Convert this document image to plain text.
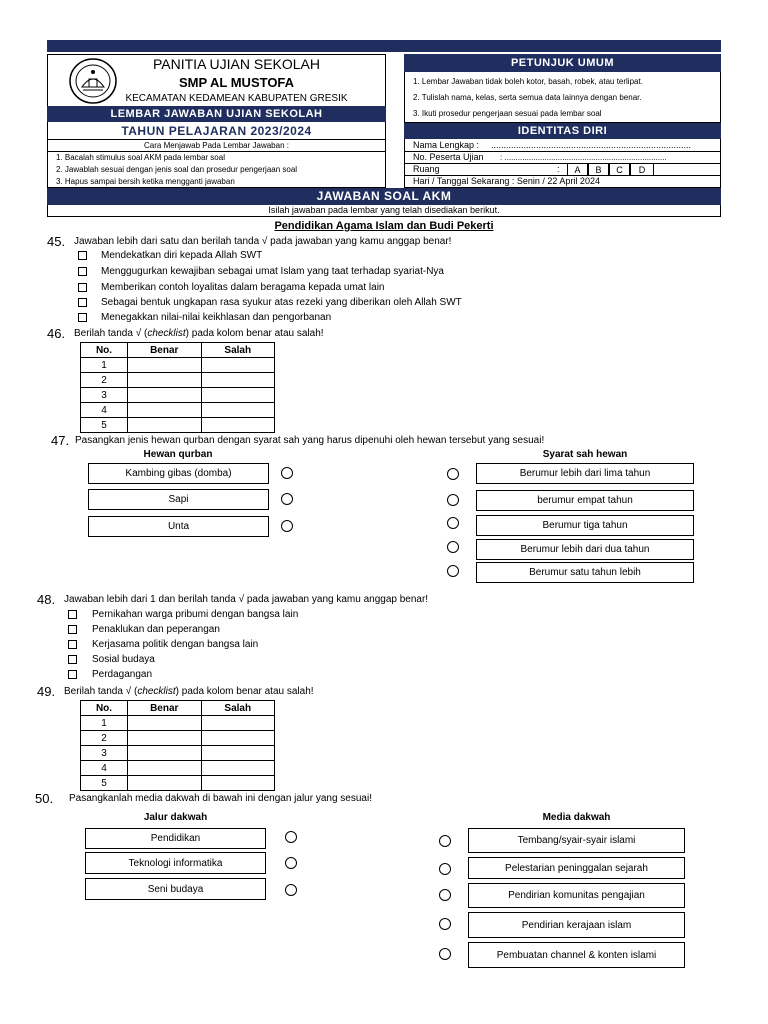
PANITIA UJIAN SEKOLAH
SMP AL MUSTOFA
KECAMATAN KEDAMEAN KABUPATEN GRESIK
LEMBAR JAWABAN UJIAN SEKOLAH
TAHUN PELAJARAN 2023/2024
Cara Menjawab Pada Lembar Jawaban :
1. Bacalah stimulus soal AKM pada lembar soal
2. Jawablah sesuai dengan jenis soal dan prosedur pengerjaan soal
3. Hapus sampai bersih ketika mengganti jawaban
PETUNJUK UMUM
1. Lembar Jawaban tidak boleh kotor, basah, robek, atau terlipat.
2. Tulislah nama, kelas, serta semua data lainnya dengan benar.
3. Ikuti prosedur pengerjaan sesuai pada lembar soal
IDENTITAS DIRI
Nama Lengkap : ................................................................................
No. Peserta Ujian : .........................................................................
Ruang	:	A	B	C	D
Hari / Tanggal Sekarang : Senin / 22 April 2024
JAWABAN SOAL AKM
Isilah jawaban pada lembar yang telah disediakan berikut.
Pendidikan Agama Islam dan Budi Pekerti
45. Jawaban lebih dari satu dan berilah tanda √ pada jawaban yang kamu anggap benar!
Mendekatkan diri kepada Allah SWT
Menggugurkan kewajiban sebagai umat Islam yang taat terhadap syariat-Nya
Memberikan contoh loyalitas dalam beragama kepada umat lain
Sebagai bentuk ungkapan rasa syukur atas rezeki yang diberikan oleh Allah SWT
Menegakkan nilai-nilai keikhlasan dan pengorbanan
46. Berilah tanda √ (checklist) pada kolom benar atau salah!
No.	Benar	Salah
1		
2		
3		
4		
5		
47. Pasangkan jenis hewan qurban dengan syarat sah yang harus dipenuhi oleh hewan tersebut yang sesuai!
Hewan qurban	Syarat sah hewan
Kambing gibas (domba)
Sapi
Unta
Berumur lebih dari lima tahun
berumur empat tahun
Berumur tiga tahun
Berumur lebih dari dua tahun
Berumur satu tahun lebih
48. Jawaban lebih dari 1 dan berilah tanda √ pada jawaban yang kamu anggap benar!
Pernikahan warga pribumi dengan bangsa lain
Penaklukan dan peperangan
Kerjasama politik dengan bangsa lain
Sosial budaya
Perdagangan
49. Berilah tanda √ (checklist) pada kolom benar atau salah!
No.	Benar	Salah
1		
2		
3		
4		
5		
50. Pasangkanlah media dakwah di bawah ini dengan jalur yang sesuai!
Jalur dakwah	Media dakwah
Pendidikan
Teknologi informatika
Seni budaya
Tembang/syair-syair islami
Pelestarian peninggalan sejarah
Pendirian komunitas pengajian
Pendirian kerajaan islam
Pembuatan channel & konten islami
